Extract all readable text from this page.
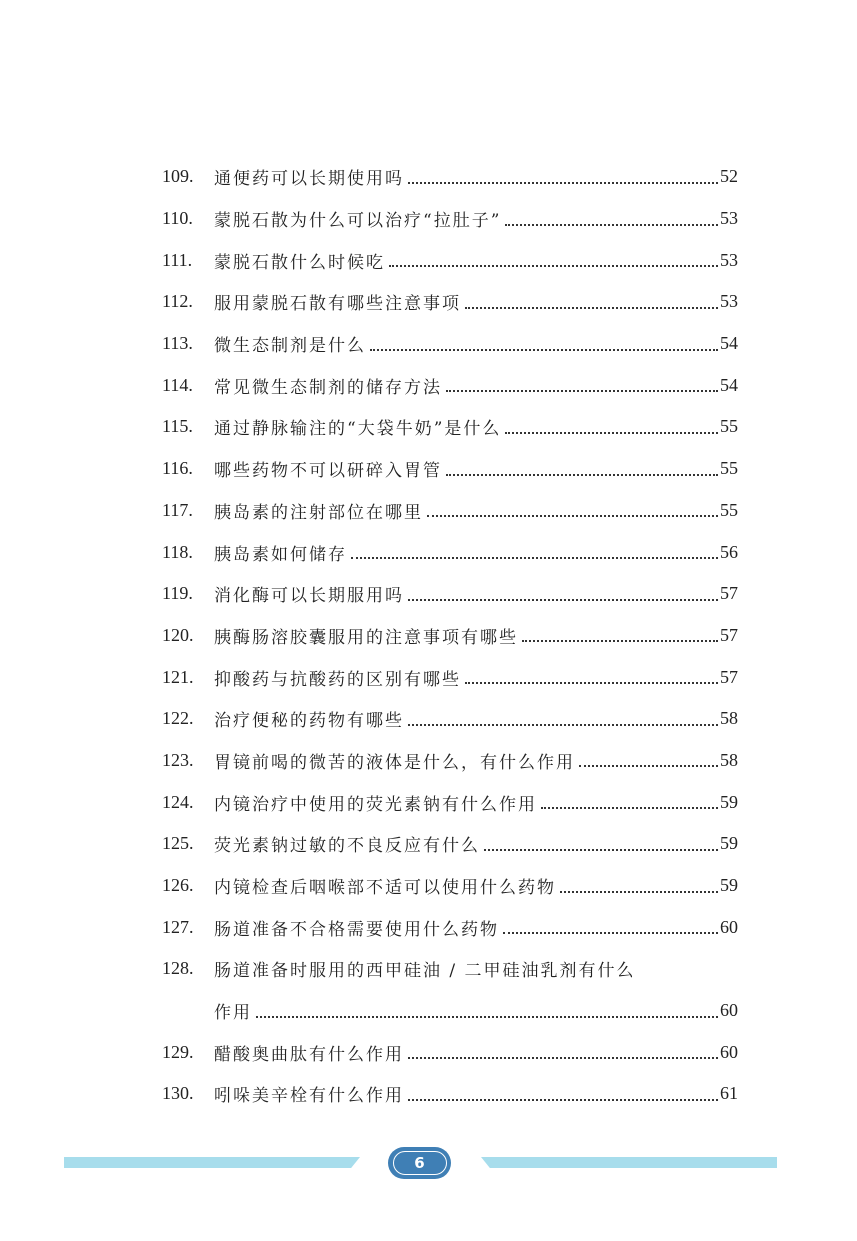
109.	通便药可以长期使用吗	52
110.	蒙脱石散为什么可以治疗“拉肚子”	53
111.	蒙脱石散什么时候吃	53
112.	服用蒙脱石散有哪些注意事项	53
113.	微生态制剂是什么	54
114.	常见微生态制剂的储存方法	54
115.	通过静脉输注的“大袋牛奶”是什么	55
116.	哪些药物不可以研碎入胃管	55
117.	胰岛素的注射部位在哪里	55
118.	胰岛素如何储存	56
119.	消化酶可以长期服用吗	57
120.	胰酶肠溶胶囊服用的注意事项有哪些	57
121.	抑酸药与抗酸药的区别有哪些	57
122.	治疗便秘的药物有哪些	58
123.	胃镜前喝的微苦的液体是什么，有什么作用	58
124.	内镜治疗中使用的荧光素钠有什么作用	59
125.	荧光素钠过敏的不良反应有什么	59
126.	内镜检查后咽喉部不适可以使用什么药物	59
127.	肠道准备不合格需要使用什么药物	60
128.	肠道准备时服用的西甲硅油 / 二甲硅油乳剂有什么
作用	60
129.	醋酸奥曲肽有什么作用	60
130.	吲哚美辛栓有什么作用	61
6
